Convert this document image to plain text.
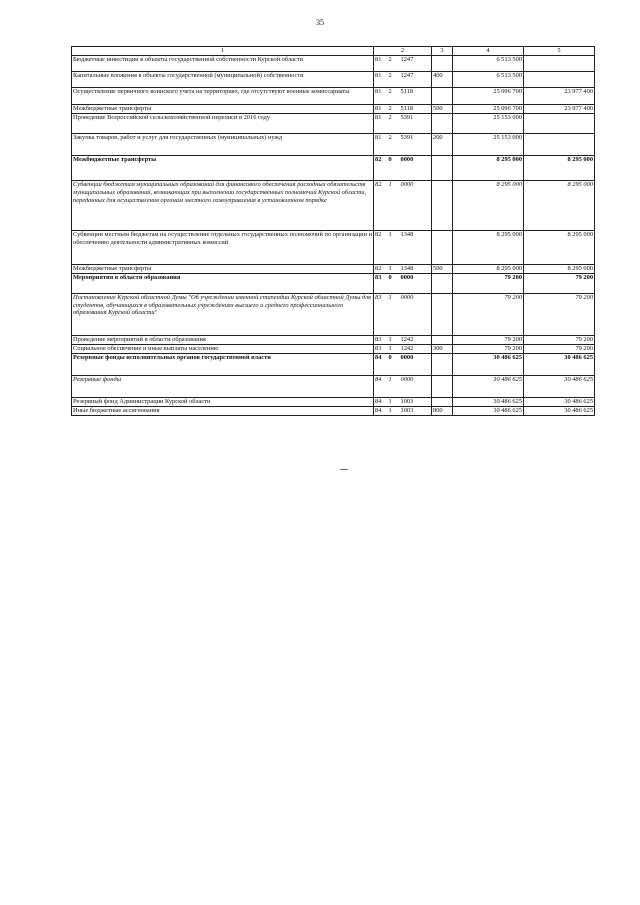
35
1	2			3	4	5
Бюджетные инвестиции в объекты государственной собственности Курской области	81	2	1247		6 513 500	
Капитальные вложения в объекты государственной (муниципальной) собственности	81	2	1247	400	6 513 500	
Осуществление первичного воинского учета на территориях, где отсутствуют военные комиссариаты	81	2	5118		25 096 700	23 977 400
Межбюджетные трансферты	81	2	5118	500	25 096 700	23 977 400
Проведение Всероссийской сельскохозяйственной переписи в 2016 году	81	2	5391		25 153 000	
Закупка товаров, работ и услуг для государственных (муниципальных) нужд	81	2	5391	200	25 153 000	
Межбюджетные трансферты	82	0	0000		8 295 000	8 295 000
Субвенции бюджетам муниципальных образований для финансового обеспечения расходных обязательств муниципальных образований, возникающих при выполнении государственных полномочий Курской области, переданных для осуществления органам местного самоуправления в установленном порядке	82	1	0000		8 295 000	8 295 000
Субвенции местным бюджетам на осуществление отдельных государственных полномочий по организации и обеспечению деятельности административных комиссий	82	1	1348		8 295 000	8 295 000
Межбюджетные трансферты	82	1	1348	500	8 295 000	8 295 000
Мероприятия в области образования	83	0	0000		79 200	79 200
Постановление Курской областной Думы "Об учреждении именной стипендии Курской областной Думы для студентов, обучающихся в образовательных учреждениях высшего и среднего профессионального образования Курской области"	83	1	0000		79 200	79 200
Проведение мероприятий в области образования	83	1	1242		79 200	79 200
Социальное обеспечение и иные выплаты населению	83	1	1242	300	79 200	79 200
Резервные фонды исполнительных органов государственной власти	84	0	0000		30 486 625	30 486 625
Резервные фонды	84	1	0000		30 486 625	30 486 625
Резервный фонд Администрации Курской области	84	1	1003		30 486 625	30 486 625
Иные бюджетные ассигнования	84	1	1003	800	30 486 625	30 486 625
